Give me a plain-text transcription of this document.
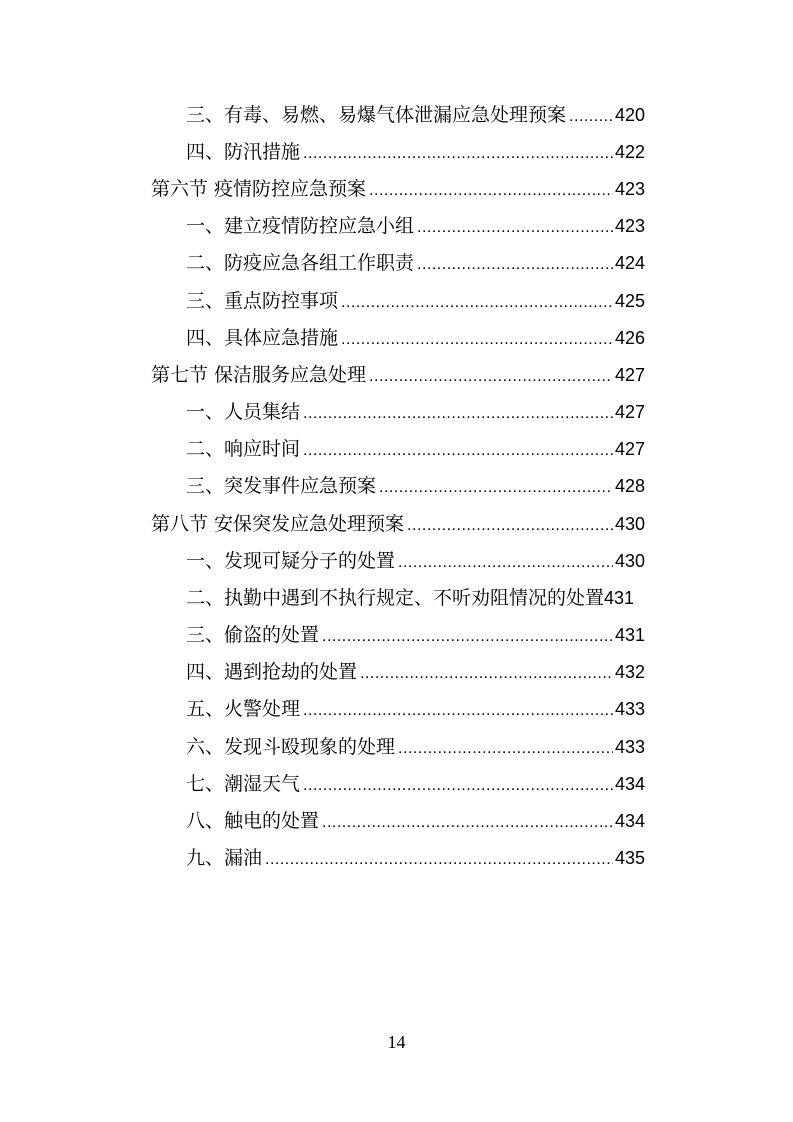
三、有毒、易燃、易爆气体泄漏应急处理预案 .....	420
四、防汛措施 .....	422
第六节 疫情防控应急预案 .....	423
一、建立疫情防控应急小组 .....	423
二、防疫应急各组工作职责 .....	424
三、重点防控事项 .....	425
四、具体应急措施 .....	426
第七节 保洁服务应急处理 .....	427
一、人员集结 .....	427
二、响应时间 .....	427
三、突发事件应急预案 .....	428
第八节 安保突发应急处理预案 .....	430
一、发现可疑分子的处置 .....	430
二、执勤中遇到不执行规定、不听劝阻情况的处置 431
三、偷盗的处置 .....	431
四、遇到抢劫的处置 .....	432
五、火警处理 .....	433
六、发现斗殴现象的处理 .....	433
七、潮湿天气 .....	434
八、触电的处置 .....	434
九、漏油 .....	435
14
